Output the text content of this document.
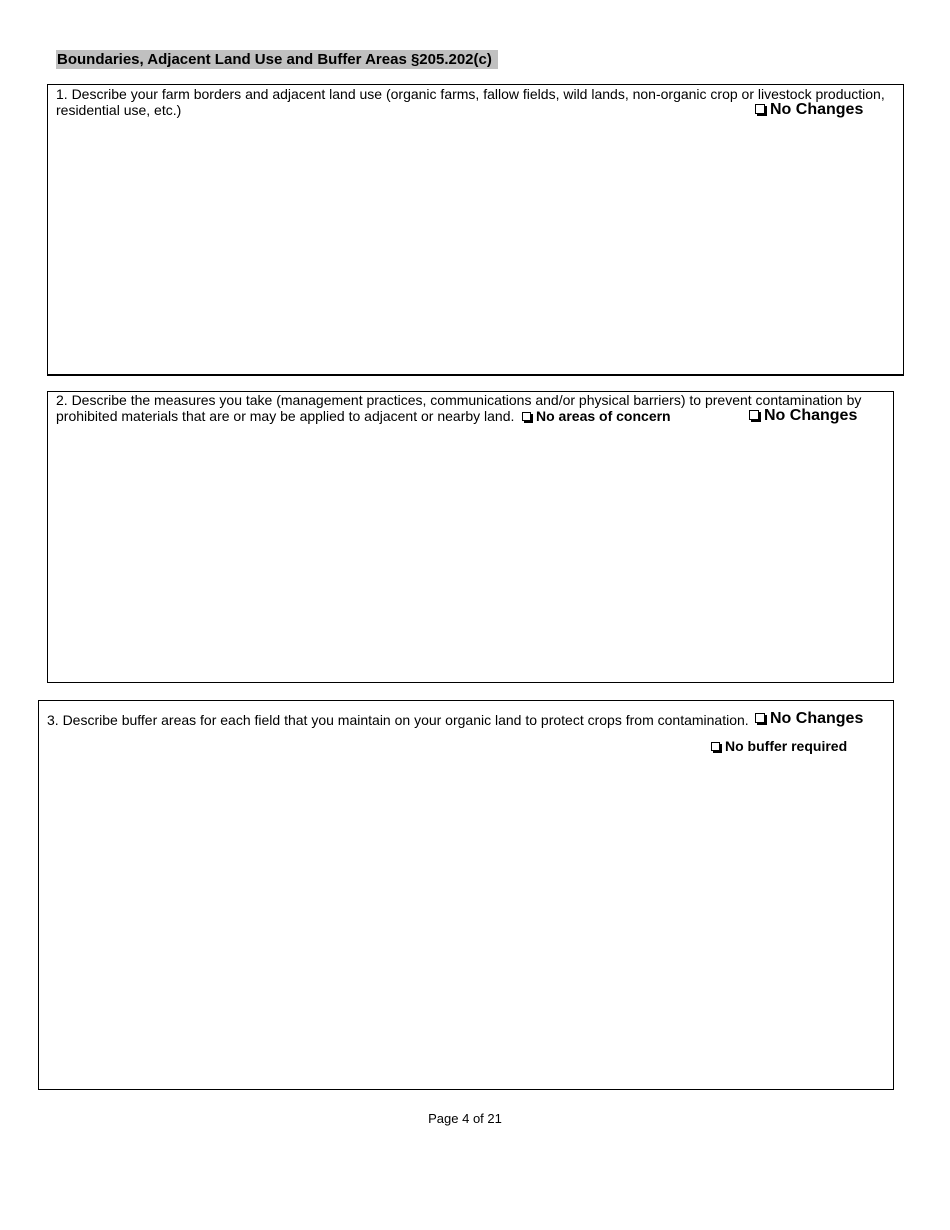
Boundaries, Adjacent Land Use and Buffer Areas §205.202(c)
1. Describe your farm borders and adjacent land use (organic farms, fallow fields, wild lands, non-organic crop or livestock production,
residential use, etc.)	No Changes
2. Describe the measures you take (management practices, communications and/or physical barriers) to prevent contamination by
prohibited materials that are or may be applied to adjacent or nearby land.	No areas of concern	No Changes
3. Describe buffer areas for each field that you maintain on your organic land to protect crops from contamination.	No Changes
No buffer required
Page 4 of 21
